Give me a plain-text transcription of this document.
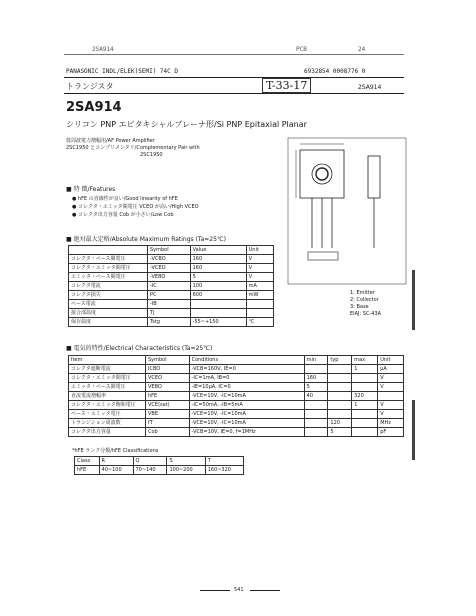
2SA914	PCB	24
PANASONIC INDL/ELEK(SEMI) 74C D	6932854 0008776 0
トランジスタ	T-33-17	2SA914
2SA914
シリコン PNP エピタキシャルプレーナ形/Si PNP Epitaxial Planar
低周波電力増幅用/AF Power Amplifier
2SC1950 とコンプリメンタリ/Complementary Pair with
2SC1950
■ 特 徴/Features
● hFE の直線性が良い/Good linearity of hFE
● コレクタ・エミッタ間電圧 VCEO が高い/High VCEO
● コレクタ出力容量 Cob が小さい/Low Cob
■ 絶対最大定格/Absolute Maximum Ratings (Ta=25℃)
	Symbol	Value	Unit
コレクタ・ベース間電圧	-VCBO	160	V
コレクタ・エミッタ間電圧	-VCEO	160	V
エミッタ・ベース間電圧	-VEBO	5	V
コレクタ電流	-IC	100	mA
コレクタ損失	PC	600	mW
ベース電流	-IB		
接合部温度	Tj		
保存温度	Tstg	-55~+150	℃
1: Emitter
2: Collector
3: Base
EIAJ: SC-43A
■ 電気的特性/Electrical Characteristics (Ta=25℃)
Item	Symbol	Conditions	min	typ	max	Unit
コレクタ遮断電流	ICBO	-VCB=160V, IE=0			1	μA
コレクタ・エミッタ間電圧	VCEO	-IC=1mA, IB=0	160			V
エミッタ・ベース間電圧	VEBO	-IE=10μA, IC=0	5			V
直流電流増幅率	hFE	-VCE=10V, -IC=10mA	40		320	
コレクタ・エミッタ飽和電圧	VCE(sat)	-IC=50mA, -IB=5mA			1	V
ベース・エミッタ電圧	VBE	-VCE=10V, -IC=10mA				V
トランジション周波数	fT	-VCE=10V, -IC=10mA		120		MHz
コレクタ出力容量	Cob	-VCB=10V, IE=0, f=1MHz		5		pF
*hFE ランク分類/hFE Classifications
Class	R	Q	S	T
hFE	40~100	70~140	100~200	160~320
541
